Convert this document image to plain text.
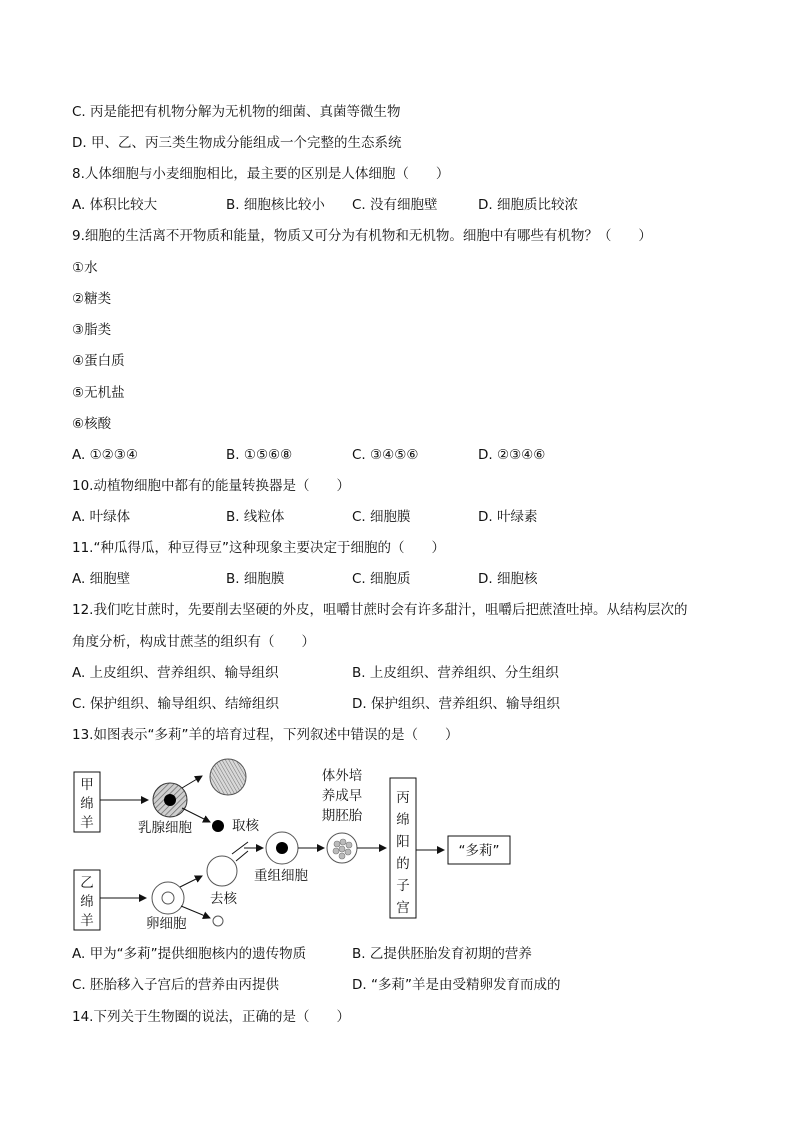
C. 丙是能把有机物分解为无机物的细菌、真菌等微生物
D. 甲、乙、丙三类生物成分能组成一个完整的生态系统
8.人体细胞与小麦细胞相比，最主要的区别是人体细胞（　　）
A. 体积比较大	B. 细胞核比较小 C. 没有细胞壁	D. 细胞质比较浓
9.细胞的生活离不开物质和能量，物质又可分为有机物和无机物。细胞中有哪些有机物？（　　）
①水
②糖类
③脂类
④蛋白质
⑤无机盐
⑥核酸
A. ①②③④	B. ①⑤⑥⑧	C. ③④⑤⑥	D. ②③④⑥
10.动植物细胞中都有的能量转换器是（　　）
A. 叶绿体	B. 线粒体	C. 细胞膜	D. 叶绿素
11.“种瓜得瓜，种豆得豆”这种现象主要决定于细胞的（　　）
A. 细胞壁	B. 细胞膜	C. 细胞质	D. 细胞核
12.我们吃甘蔗时，先要削去坚硬的外皮，咀嚼甘蔗时会有许多甜汁，咀嚼后把蔗渣吐掉。从结构层次的
角度分析，构成甘蔗茎的组织有（　　）
A. 上皮组织、营养组织、输导组织	B. 上皮组织、营养组织、分生组织
C. 保护组织、输导组织、结缔组织	D. 保护组织、营养组织、输导组织
13.如图表示“多莉”羊的培育过程，下列叙述中错误的是（　　）
甲
绵
羊	乳腺细胞	取核
乙
绵
羊	卵细胞
去核
重组细胞
体外培
养成早
期胚胎
丙
绵
阳
的
子
宫
“多莉”
A. 甲为“多莉”提供细胞核内的遗传物质	B. 乙提供胚胎发育初期的营养
C. 胚胎移入子宫后的营养由丙提供	D. “多莉”羊是由受精卵发育而成的
14.下列关于生物圈的说法，正确的是（　　）
